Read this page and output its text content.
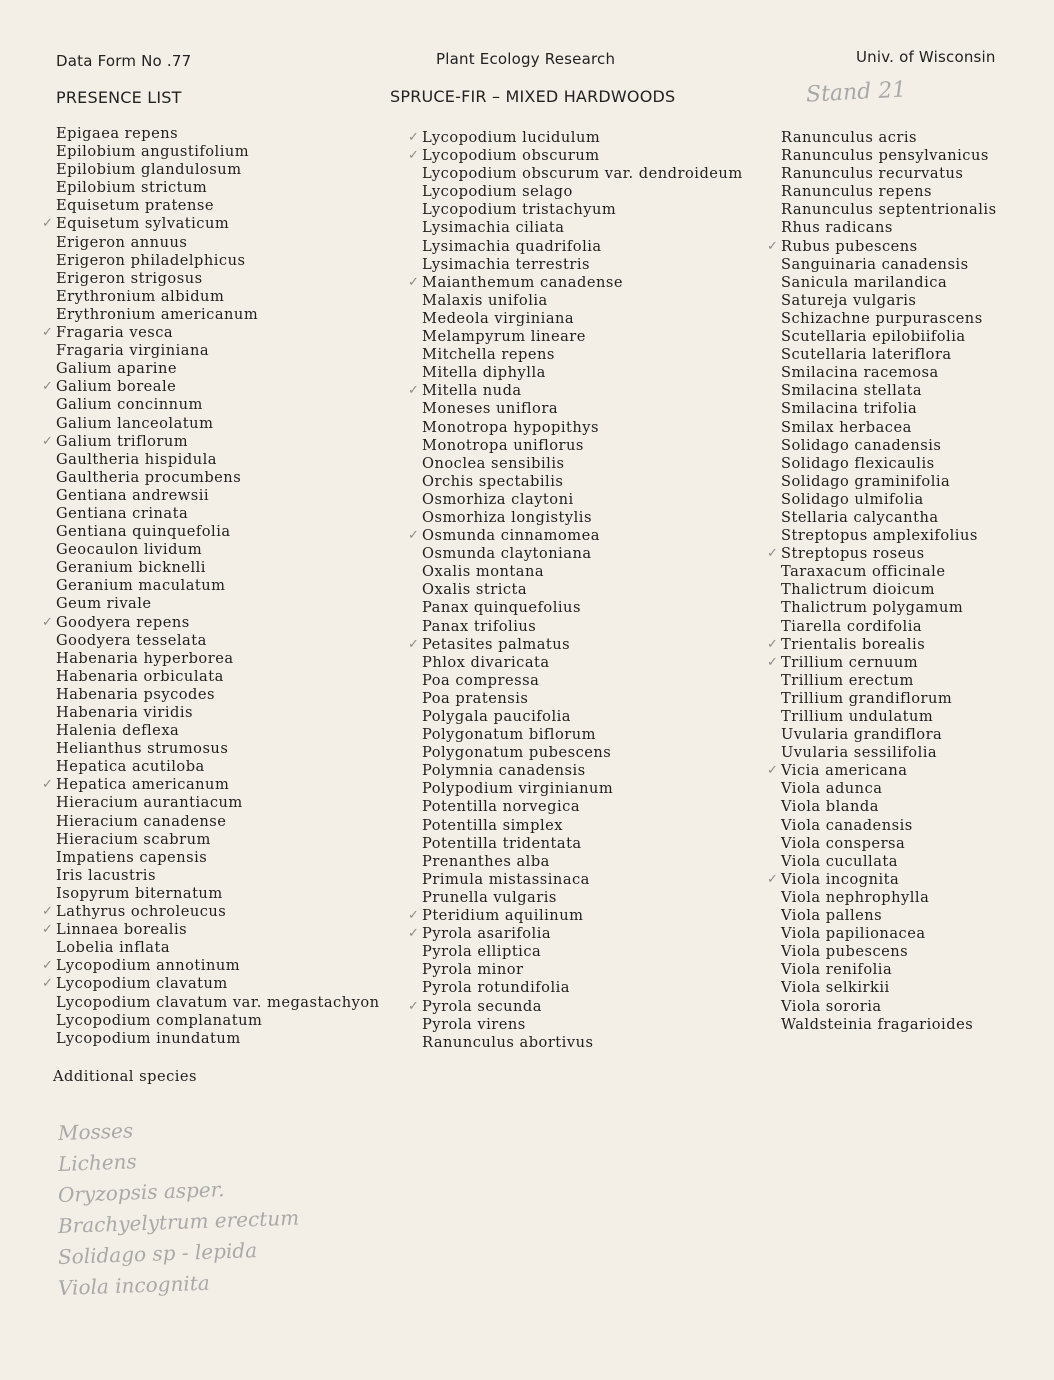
Data Form No .77	Plant Ecology Research	Univ. of Wisconsin
PRESENCE LIST	SPRUCE-FIR – MIXED HARDWOODS	Stand 21
Epigaea repens
Epilobium angustifolium
Epilobium glandulosum
Epilobium strictum
Equisetum pratense
✓ Equisetum sylvaticum
Erigeron annuus
Erigeron philadelphicus
Erigeron strigosus
Erythronium albidum
Erythronium americanum
✓ Fragaria vesca
Fragaria virginiana
Galium aparine
✓ Galium boreale
Galium concinnum
Galium lanceolatum
✓ Galium triflorum
Gaultheria hispidula
Gaultheria procumbens
Gentiana andrewsii
Gentiana crinata
Gentiana quinquefolia
Geocaulon lividum
Geranium bicknelli
Geranium maculatum
Geum rivale
✓ Goodyera repens
Goodyera tesselata
Habenaria hyperborea
Habenaria orbiculata
Habenaria psycodes
Habenaria viridis
Halenia deflexa
Helianthus strumosus
Hepatica acutiloba
✓ Hepatica americanum
Hieracium aurantiacum
Hieracium canadense
Hieracium scabrum
Impatiens capensis
Iris lacustris
Isopyrum biternatum
✓ Lathyrus ochroleucus
✓ Linnaea borealis
Lobelia inflata
✓ Lycopodium annotinum
✓ Lycopodium clavatum
Lycopodium clavatum var. megastachyon
Lycopodium complanatum
Lycopodium inundatum
✓ Lycopodium lucidulum
✓ Lycopodium obscurum
Lycopodium obscurum var. dendroideum
Lycopodium selago
Lycopodium tristachyum
Lysimachia ciliata
Lysimachia quadrifolia
Lysimachia terrestris
✓ Maianthemum canadense
Malaxis unifolia
Medeola virginiana
Melampyrum lineare
Mitchella repens
Mitella diphylla
✓ Mitella nuda
Moneses uniflora
Monotropa hypopithys
Monotropa uniflorus
Onoclea sensibilis
Orchis spectabilis
Osmorhiza claytoni
Osmorhiza longistylis
✓ Osmunda cinnamomea
Osmunda claytoniana
Oxalis montana
Oxalis stricta
Panax quinquefolius
Panax trifolius
✓ Petasites palmatus
Phlox divaricata
Poa compressa
Poa pratensis
Polygala paucifolia
Polygonatum biflorum
Polygonatum pubescens
Polymnia canadensis
Polypodium virginianum
Potentilla norvegica
Potentilla simplex
Potentilla tridentata
Prenanthes alba
Primula mistassinaca
Prunella vulgaris
✓ Pteridium aquilinum
✓ Pyrola asarifolia
Pyrola elliptica
Pyrola minor
Pyrola rotundifolia
✓ Pyrola secunda
Pyrola virens
Ranunculus abortivus
Ranunculus acris
Ranunculus pensylvanicus
Ranunculus recurvatus
Ranunculus repens
Ranunculus septentrionalis
Rhus radicans
✓ Rubus pubescens
Sanguinaria canadensis
Sanicula marilandica
Satureja vulgaris
Schizachne purpurascens
Scutellaria epilobiifolia
Scutellaria lateriflora
Smilacina racemosa
Smilacina stellata
Smilacina trifolia
Smilax herbacea
Solidago canadensis
Solidago flexicaulis
Solidago graminifolia
Solidago ulmifolia
Stellaria calycantha
Streptopus amplexifolius
✓ Streptopus roseus
Taraxacum officinale
Thalictrum dioicum
Thalictrum polygamum
Tiarella cordifolia
✓ Trientalis borealis
✓ Trillium cernuum
Trillium erectum
Trillium grandiflorum
Trillium undulatum
Uvularia grandiflora
Uvularia sessilifolia
✓ Vicia americana
Viola adunca
Viola blanda
Viola canadensis
Viola conspersa
Viola cucullata
✓ Viola incognita
Viola nephrophylla
Viola pallens
Viola papilionacea
Viola pubescens
Viola renifolia
Viola selkirkii
Viola sororia
Waldsteinia fragarioides
Additional species
Mosses
Lichens
Oryzopsis asper.
Brachyelytrum erectum
Solidago sp - lepida
Viola incognita
